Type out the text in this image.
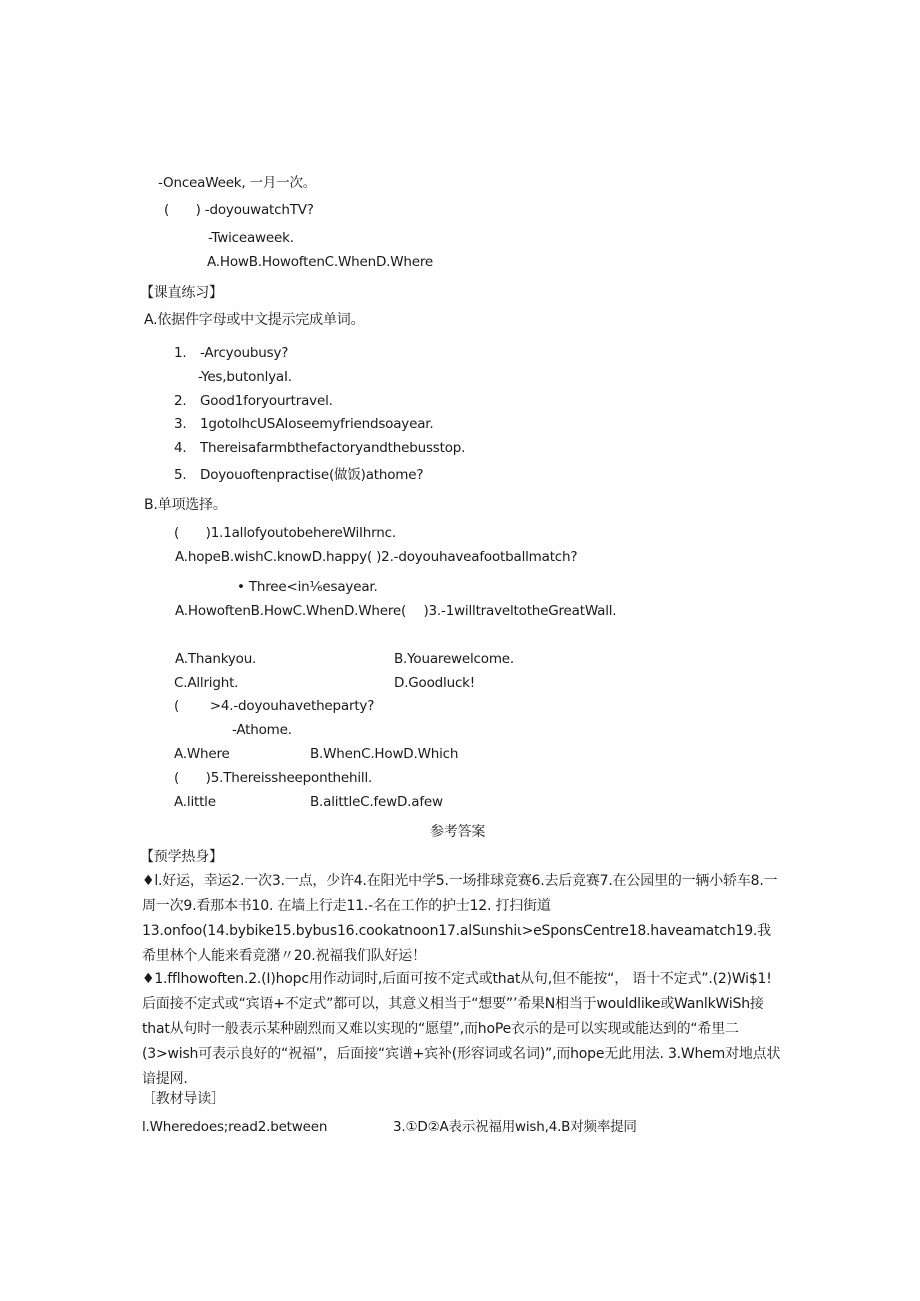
-OnceaWeek, 一月一次。
(　　) -doyouwatchTV?
-Twiceaweek.
A.HowB.HowoftenC.WhenD.Where
【课直练习】
A.依据件字母或中文提示完成单词。
1. -Arcyoubusy?
-Yes,butonlyaI.
2. Good1foryourtravel.
3. 1gotolhcUSAIoseemyfriendsoayear.
4. Thereisafarmbthefactoryandthebusstop.
5. Doyouoftenpractise(做饭)athome?
B.单项选择。
(　　)1.1allofyoutobehereWiIhrnc.
A.hopeB.wishC.knowD.happy( )2.-doyouhaveafootballmatch?
• Three<in⅙esayear.
A.HowoftenB.HowC.WhenD.Where(　 )3.-1willtraveltotheGreatWall.
A.Thankyou.	B.Youarewelcome.
C.Allright.	D.Goodluck!
(　　 >4.-doyouhavetheparty?
-Athome.
A.Where	B.WhenC.HowD.Which
(　　)5.Thereissheeponthehill.
A.little	B.alittleC.fewD.afew
参考答案
【预学热身】
♦l.好运，幸运2.一次3.一点，少许4.在阳光中学5.一场排球竞赛6.去后竞赛7.在公园里的一辆小轿车8.一周一次9.看那本书10. 在墙上行走11.-名在工作的护士12. 打扫街道13.onfoo(14.bybike15.bybus16.cookatnoon17.alSιınshiι>eSponsCentre18.haveamatch19.我希里林个人能来看竞潴〃20.祝福我们队好运！
♦1.fflhowoften.2.(I)hopc用作动词时,后面可按不定式或that从句,但不能按“， 语十不定式”.(2)Wi$1!后面接不定式或“宾语+不定式”都可以，其意义相当于“想要”’希果N相当于wouldlike或WanlkWiSh接that从句时一般表示某种剧烈而又难以实现的“愿望”,而hoPe衣示的是可以实现或能达到的“希里二(3>wish可表示良好的“祝福”，后面接“宾谱+宾补(形容词或名词)”,而hope无此用法. 3.Whem对地点状谙提网.
［教材导读］
l.Wheredoes;read2.between	3.①D②A表示祝福用wish,4.B对频率提同
